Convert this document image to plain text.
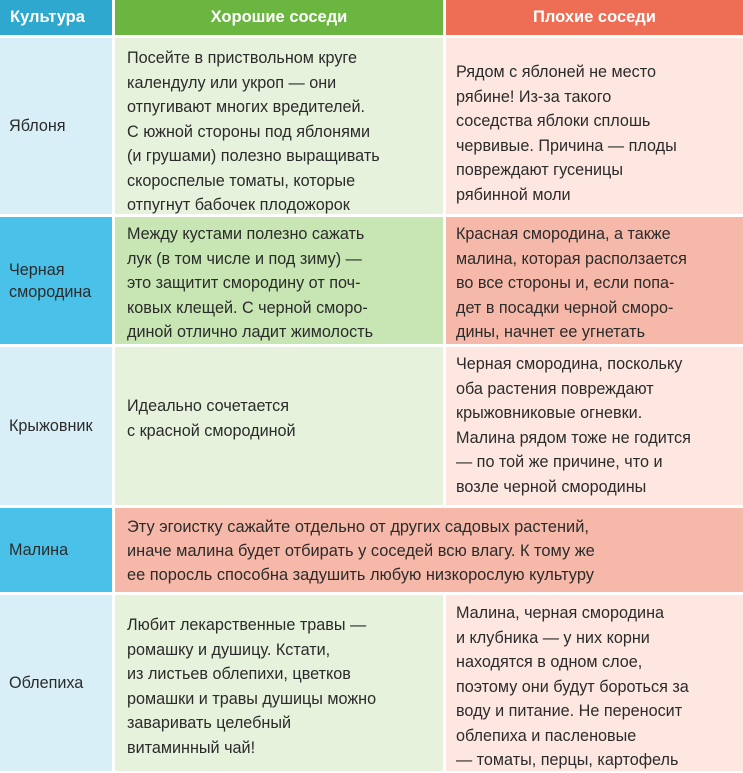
Культура	Хорошие соседи	Плохие соседи
Яблоня
Посейте в приствольном круге
календулу или укроп — они
отпугивают многих вредителей.
С южной стороны под яблонями
(и грушами) полезно выращивать
скороспелые томаты, которые
отпугнут бабочек плодожорок
Рядом с яблоней не место
рябине! Из-за такого
соседства яблоки сплошь
червивые. Причина — плоды
повреждают гусеницы
рябинной моли
Черная
смородина
Между кустами полезно сажать
лук (в том числе и под зиму) —
это защитит смородину от поч-
ковых клещей. С черной сморо-
диной отлично ладит жимолость
Красная смородина, а также
малина, которая расползается
во все стороны и, если попа-
дет в посадки черной сморо-
дины, начнет ее угнетать
Крыжовник
Идеально сочетается
с красной смородиной
Черная смородина, поскольку
оба растения повреждают
крыжовниковые огневки.
Малина рядом тоже не годится
— по той же причине, что и
возле черной смородины
Малина
Эту эгоистку сажайте отдельно от других садовых растений,
иначе малина будет отбирать у соседей всю влагу. К тому же
ее поросль способна задушить любую низкорослую культуру
Облепиха
Любит лекарственные травы —
ромашку и душицу. Кстати,
из листьев облепихи, цветков
ромашки и травы душицы можно
заваривать целебный
витаминный чай!
Малина, черная смородина
и клубника — у них корни
находятся в одном слое,
поэтому они будут бороться за
воду и питание. Не переносит
облепиха и пасленовые
— томаты, перцы, картофель
